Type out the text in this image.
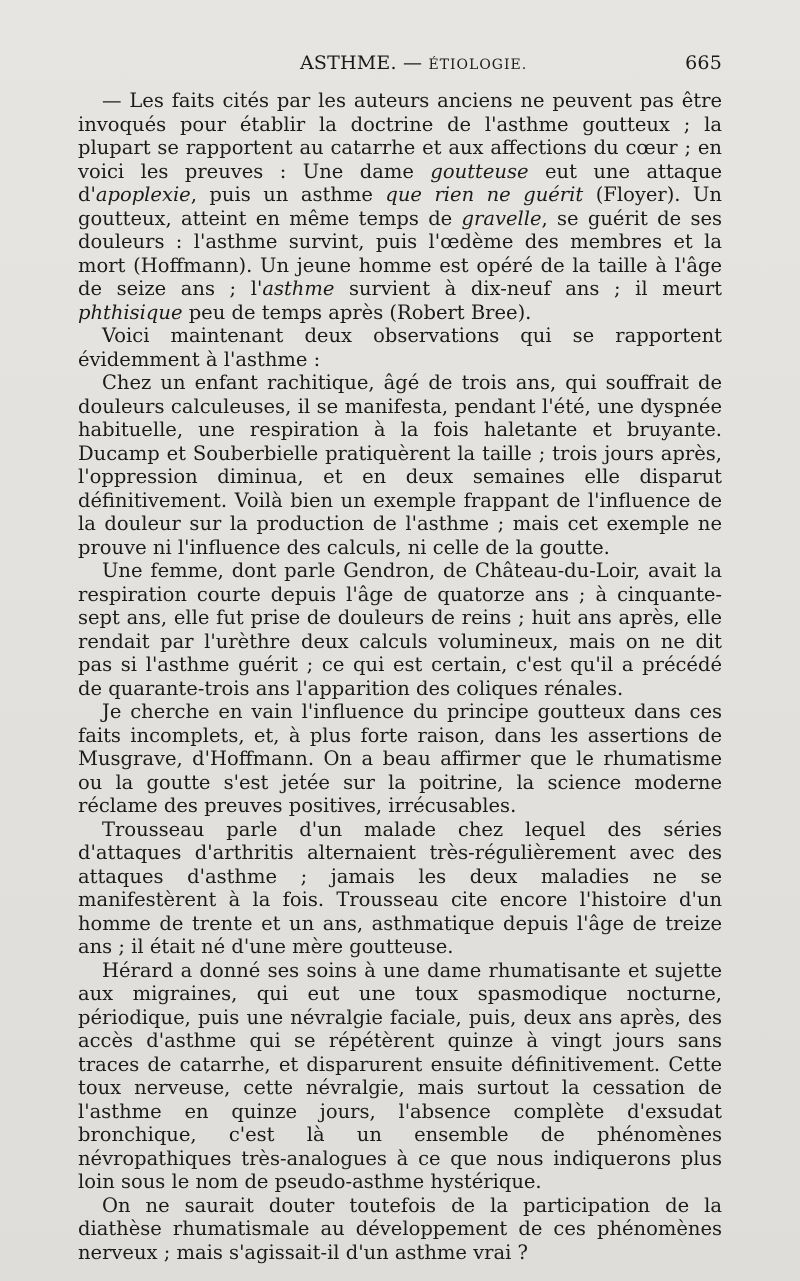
ASTHME. — ÉTIOLOGIE.	665

— Les faits cités par les auteurs anciens ne peuvent pas être invoqués pour établir la doctrine de l'asthme goutteux ; la plupart se rapportent au catarrhe et aux affections du cœur ; en voici les preuves : Une dame goutteuse eut une attaque d'apoplexie, puis un asthme que rien ne guérit (Floyer). Un goutteux, atteint en même temps de gravelle, se guérit de ses douleurs : l'asthme survint, puis l'œdème des membres et la mort (Hoffmann). Un jeune homme est opéré de la taille à l'âge de seize ans ; l'asthme survient à dix-neuf ans ; il meurt phthisique peu de temps après (Robert Bree).

Voici maintenant deux observations qui se rapportent évidemment à l'asthme :

Chez un enfant rachitique, âgé de trois ans, qui souffrait de douleurs calculeuses, il se manifesta, pendant l'été, une dyspnée habituelle, une respiration à la fois haletante et bruyante. Ducamp et Souberbielle pratiquèrent la taille ; trois jours après, l'oppression diminua, et en deux semaines elle disparut définitivement. Voilà bien un exemple frappant de l'influence de la douleur sur la production de l'asthme ; mais cet exemple ne prouve ni l'influence des calculs, ni celle de la goutte.

Une femme, dont parle Gendron, de Château-du-Loir, avait la respiration courte depuis l'âge de quatorze ans ; à cinquante-sept ans, elle fut prise de douleurs de reins ; huit ans après, elle rendait par l'urèthre deux calculs volumineux, mais on ne dit pas si l'asthme guérit ; ce qui est certain, c'est qu'il a précédé de quarante-trois ans l'apparition des coliques rénales.

Je cherche en vain l'influence du principe goutteux dans ces faits incomplets, et, à plus forte raison, dans les assertions de Musgrave, d'Hoffmann. On a beau affirmer que le rhumatisme ou la goutte s'est jetée sur la poitrine, la science moderne réclame des preuves positives, irrécusables.

Trousseau parle d'un malade chez lequel des séries d'attaques d'arthritis alternaient très-régulièrement avec des attaques d'asthme ; jamais les deux maladies ne se manifestèrent à la fois. Trousseau cite encore l'histoire d'un homme de trente et un ans, asthmatique depuis l'âge de treize ans ; il était né d'une mère goutteuse.

Hérard a donné ses soins à une dame rhumatisante et sujette aux migraines, qui eut une toux spasmodique nocturne, périodique, puis une névralgie faciale, puis, deux ans après, des accès d'asthme qui se répétèrent quinze à vingt jours sans traces de catarrhe, et disparurent ensuite définitivement. Cette toux nerveuse, cette névralgie, mais surtout la cessation de l'asthme en quinze jours, l'absence complète d'exsudat bronchique, c'est là un ensemble de phénomènes névropathiques très-analogues à ce que nous indiquerons plus loin sous le nom de pseudo-asthme hystérique.

On ne saurait douter toutefois de la participation de la diathèse rhumatismale au développement de ces phénomènes nerveux ; mais s'agissait-il d'un asthme vrai ?
